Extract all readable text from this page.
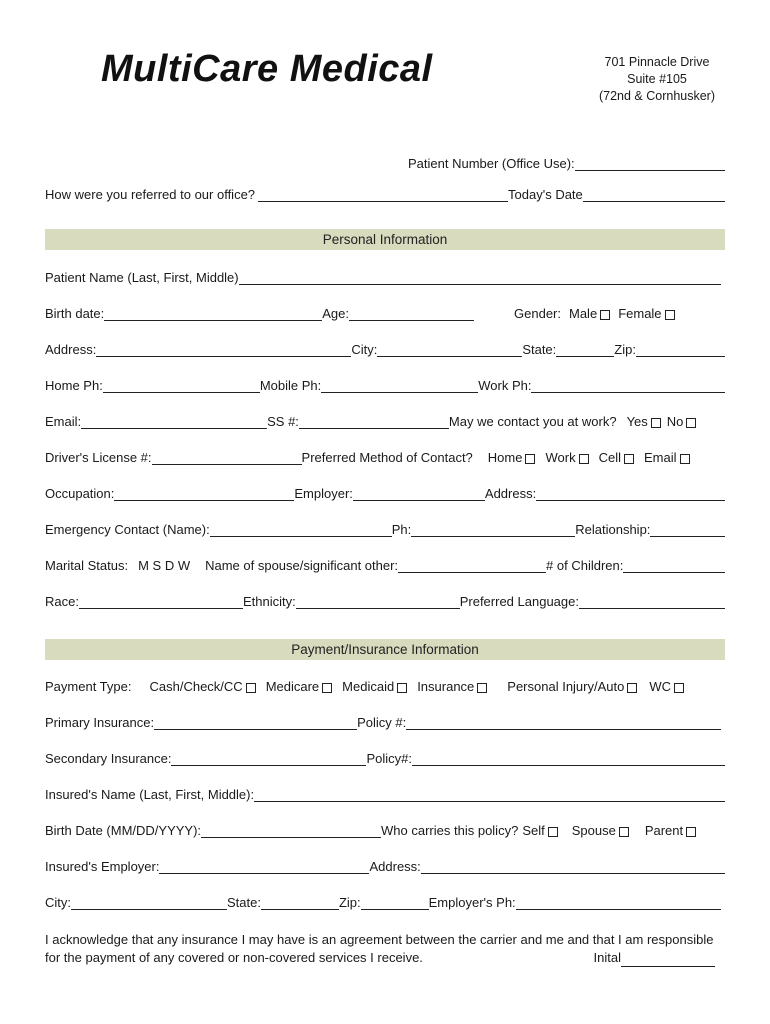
MultiCare Medical	701 Pinnacle Drive
Suite #105
(72nd & Cornhusker)
Patient Number (Office Use):
How were you referred to our office?	Today's Date
Personal Information
Patient Name (Last, First, Middle)
Birth date:	Age:	Gender: Male Female
Address:	City:	State:	Zip:
Home Ph:	Mobile Ph:	Work Ph:
Email:	SS #:	May we contact you at work? Yes No
Driver's License #:	Preferred Method of Contact? Home Work Cell Email
Occupation:	Employer:	Address:
Emergency Contact (Name):	Ph:	Relationship:
Marital Status: M S D W Name of spouse/significant other:	# of Children:
Race:	Ethnicity:	Preferred Language:
Payment/Insurance Information
Payment Type: Cash/Check/CC Medicare Medicaid Insurance	Personal Injury/Auto WC
Primary Insurance:	Policy #:
Secondary Insurance:	Policy#:
Insured's Name (Last, First, Middle):
Birth Date (MM/DD/YYYY):	Who carries this policy? Self Spouse Parent
Insured's Employer:	Address:
City:	State:	Zip:	Employer's Ph:
I acknowledge that any insurance I may have is an agreement between the carrier and me and that I am responsible
for the payment of any covered or non-covered services I receive.	Inital
